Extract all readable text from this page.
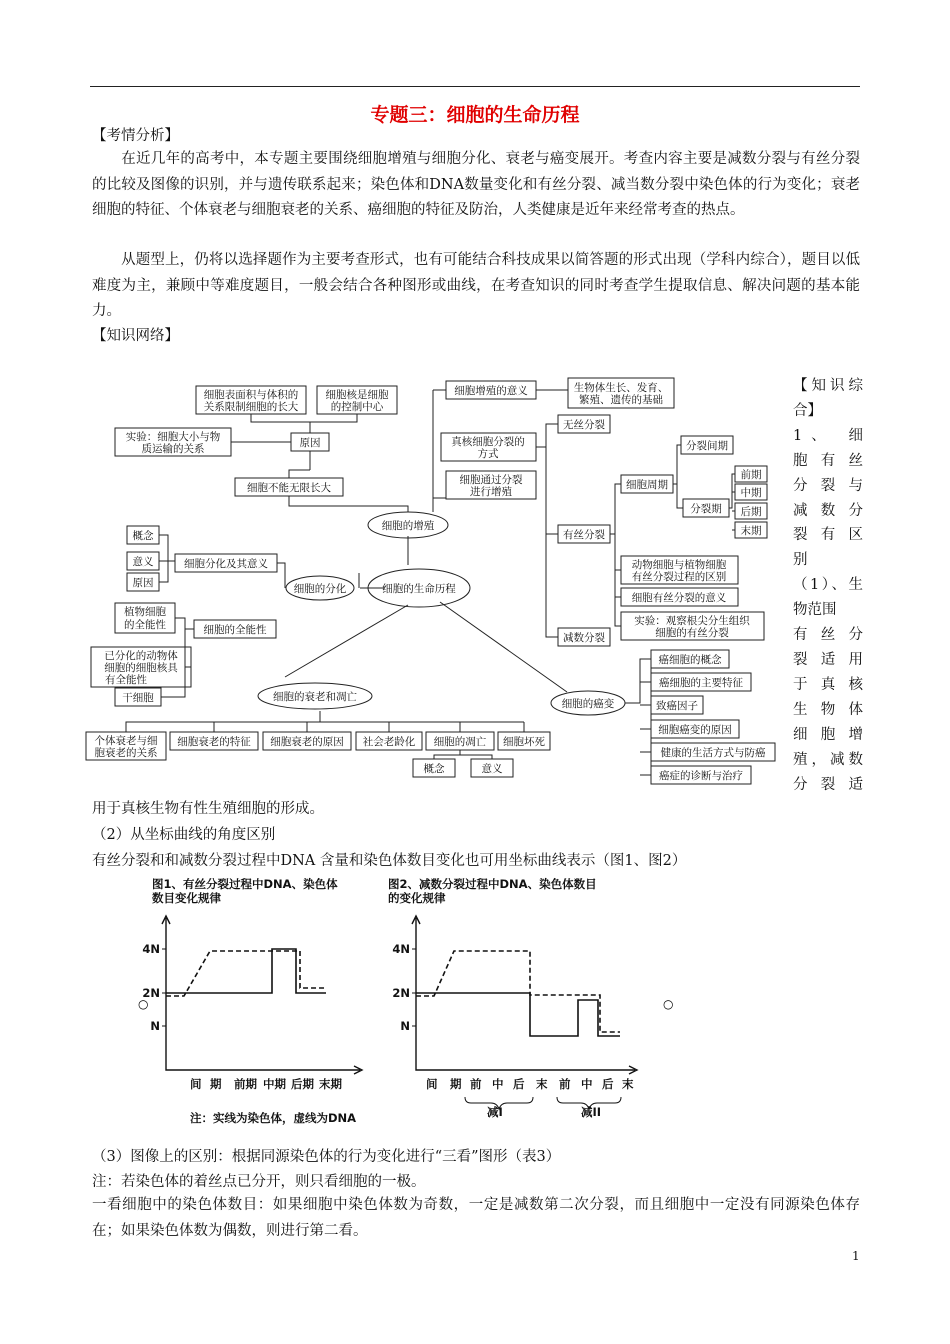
专题三：细胞的生命历程
【考情分析】
在近几年的高考中，本专题主要围绕细胞增殖与细胞分化、衰老与癌变展开。考查内容主要是减数分裂与有丝分裂的比较及图像的识别，并与遗传联系起来；染色体和DNA数量变化和有丝分裂、减当数分裂中染色体的行为变化；衰老细胞的特征、个体衰老与细胞衰老的关系、癌细胞的特征及防治，人类健康是近年来经常考查的热点。
从题型上，仍将以选择题作为主要考查形式，也有可能结合科技成果以简答题的形式出现（学科内综合），题目以低难度为主，兼顾中等难度题目，一般会结合各种图形或曲线，在考查知识的同时考查学生提取信息、解决问题的基本能力。
【知识网络】
细胞表面积与体积的
关系限制细胞的长大
细胞核是细胞
的控制中心
实验：细胞大小与物
质运输的关系	原因
细胞不能无限长大
细胞增殖的意义	生物体生长、发育、
繁殖、遗传的基础
真核细胞分裂的
方式
细胞通过分裂
进行增殖
无丝分裂
有丝分裂
减数分裂
细胞周期
分裂间期
分裂期
前期
中期
后期
末期
动物细胞与植物细胞
有丝分裂过程的区别
细胞有丝分裂的意义
实验：观察根尖分生组织
细胞的有丝分裂
概念
意义
原因
细胞分化及其意义
植物细胞
的全能性	细胞的全能性
已分化的动物体
细胞的细胞核具
有全能性
干细胞
个体衰老与细
胞衰老的关系
细胞衰老的特征 细胞衰老的原因 社会老龄化 细胞的凋亡 细胞坏死
概念	意义
癌细胞的概念
癌细胞的主要特征
致癌因子
细胞癌变的原因
健康的生活方式与防癌
癌症的诊断与治疗
细胞的增殖
细胞的分化	细胞的生命历程
细胞的衰老和凋亡
细胞的癌变
【知识综
合】
1、 细
胞 有 丝
分 裂 与
减 数 分
裂 有 区
别
（1）、生
物范围
有 丝 分
裂 适 用
于 真 核
生 物 体
细 胞 增
殖，减数
分 裂 适
用于真核生物有性生殖细胞的形成。
（2）从坐标曲线的角度区别
有丝分裂和和减数分裂过程中DNA 含量和染色体数目变化也可用坐标曲线表示（图1、图2）
图1、有丝分裂过程中DNA、染色体
数目变化规律
图2、减数分裂过程中DNA、染色体数目
的变化规律
4N
2N
N
4N
2N
N
间 期 前期 中期 后期 末期	间 期 前 中 后 末 前 中 后 末
减I	减II
注：实线为染色体，虚线为DNA
○
○
（3）图像上的区别：根据同源染色体的行为变化进行“三看”图形（表3）
注：若染色体的着丝点已分开，则只看细胞的一极。
一看细胞中的染色体数目：如果细胞中染色体数为奇数，一定是减数第二次分裂，而且细胞中一定没有同源染色体存在；如果染色体数为偶数，则进行第二看。
1
